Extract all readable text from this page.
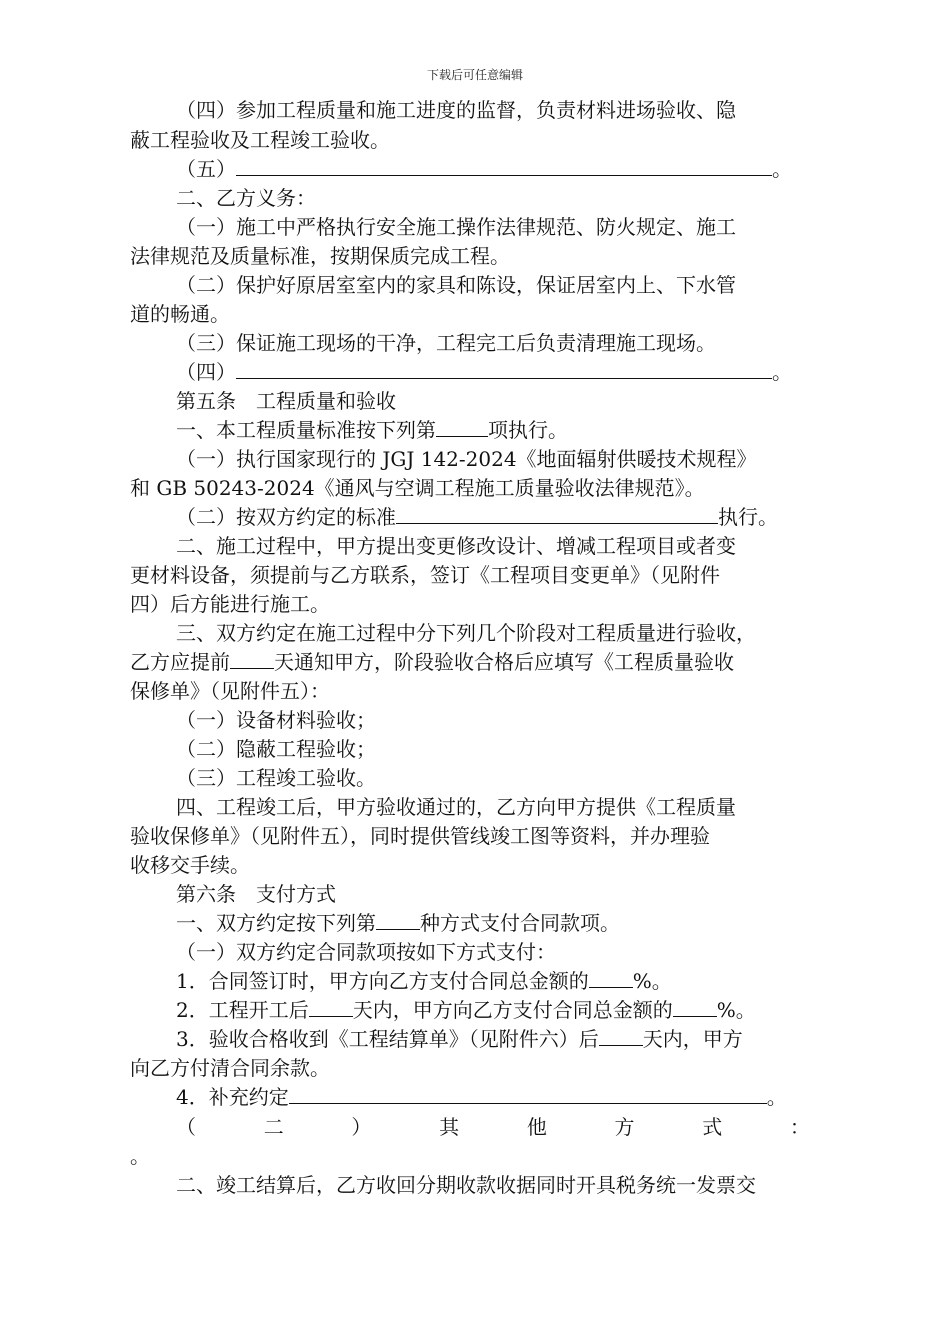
下载后可任意编辑
（四）参加工程质量和施工进度的监督，负责材料进场验收、隐
蔽工程验收及工程竣工验收。
（五）	。
二、乙方义务：
（一）施工中严格执行安全施工操作法律规范、防火规定、施工
法律规范及质量标准，按期保质完成工程。
（二）保护好原居室室内的家具和陈设，保证居室内上、下水管
道的畅通。
（三）保证施工现场的干净，工程完工后负责清理施工现场。
（四）	。
第五条　工程质量和验收
一、本工程质量标准按下列第	项执行。
（一）执行国家现行的 JGJ 142-2024《地面辐射供暖技术规程》
和 GB 50243-2024《通风与空调工程施工质量验收法律规范》。
（二）按双方约定的标准	执行。
二、施工过程中，甲方提出变更修改设计、增减工程项目或者变
更材料设备，须提前与乙方联系，签订《工程项目变更单》（见附件
四）后方能进行施工。
三、双方约定在施工过程中分下列几个阶段对工程质量进行验收，
乙方应提前 天通知甲方，阶段验收合格后应填写《工程质量验收
保修单》（见附件五）：
（一）设备材料验收；
（二）隐蔽工程验收；
（三）工程竣工验收。
四、工程竣工后，甲方验收通过的，乙方向甲方提供《工程质量
验收保修单》（见附件五），同时提供管线竣工图等资料，并办理验
收移交手续。
第六条　支付方式
一、双方约定按下列第 种方式支付合同款项。
（一）双方约定合同款项按如下方式支付：
1．合同签订时，甲方向乙方支付合同总金额的 %。
2．工程开工后 天内，甲方向乙方支付合同总金额的 %。
3．验收合格收到《工程结算单》（见附件六）后 天内，甲方
向乙方付清合同余款。
4．补充约定	。
。
二、竣工结算后，乙方收回分期收款收据同时开具税务统一发票交
（	二	）	其	他	方	式	：
